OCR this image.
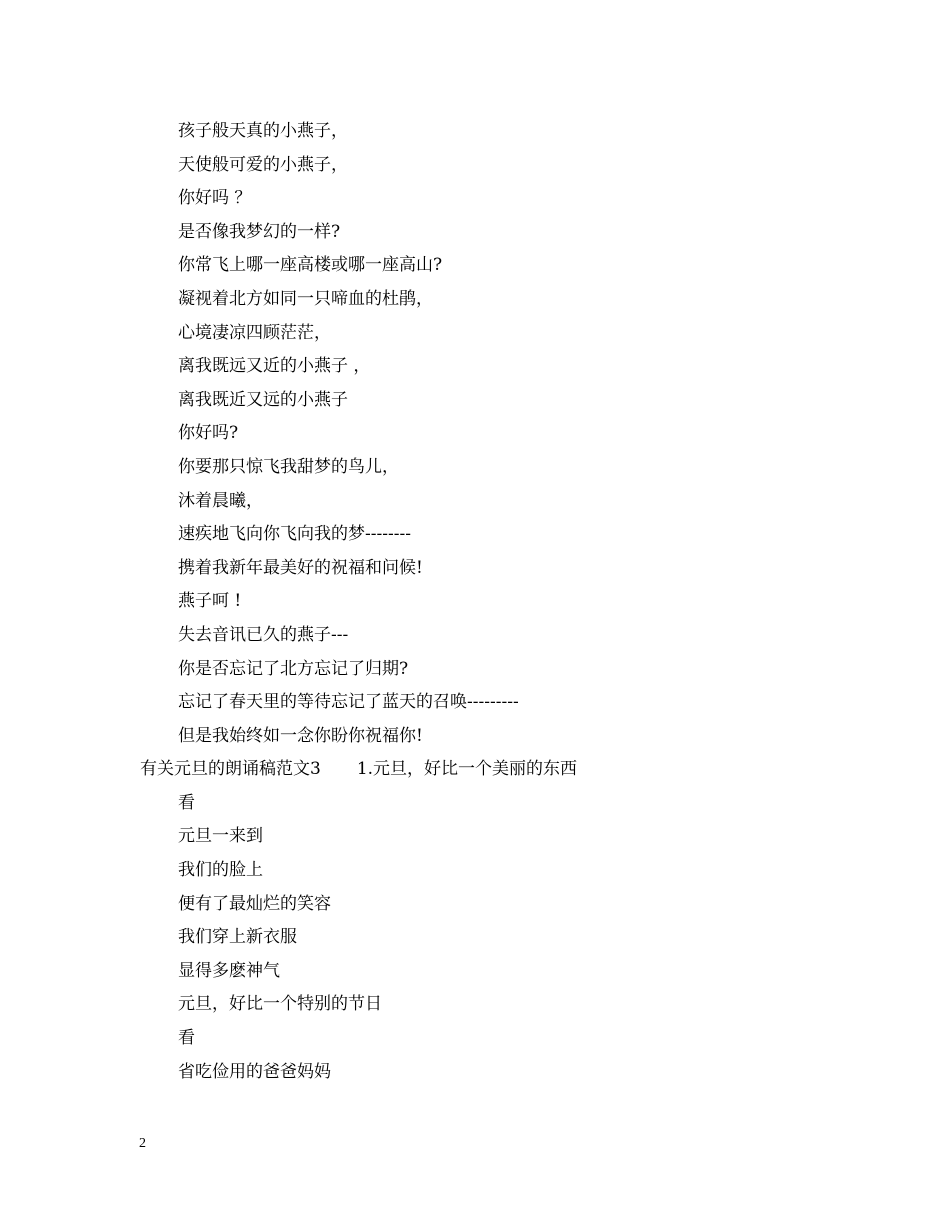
孩子般天真的小燕子，
天使般可爱的小燕子，
你好吗 ？
是否像我梦幻的一样?
你常飞上哪一座高楼或哪一座高山?
凝视着北方如同一只啼血的杜鹃，
心境凄凉四顾茫茫，
离我既远又近的小燕子 ，
离我既近又远的小燕子
你好吗?
你要那只惊飞我甜梦的鸟儿，
沐着晨曦，
速疾地飞向你飞向我的梦--------
携着我新年最美好的祝福和问候!
燕子呵 !
失去音讯已久的燕子---
你是否忘记了北方忘记了归期?
忘记了春天里的等待忘记了蓝天的召唤---------
但是我始终如一念你盼你祝福你!
有关元旦的朗诵稿范文3 1.元旦，好比一个美丽的东西
看
元旦一来到
我们的脸上
便有了最灿烂的笑容
我们穿上新衣服
显得多麽神气
元旦，好比一个特别的节日
看
省吃俭用的爸爸妈妈
2
